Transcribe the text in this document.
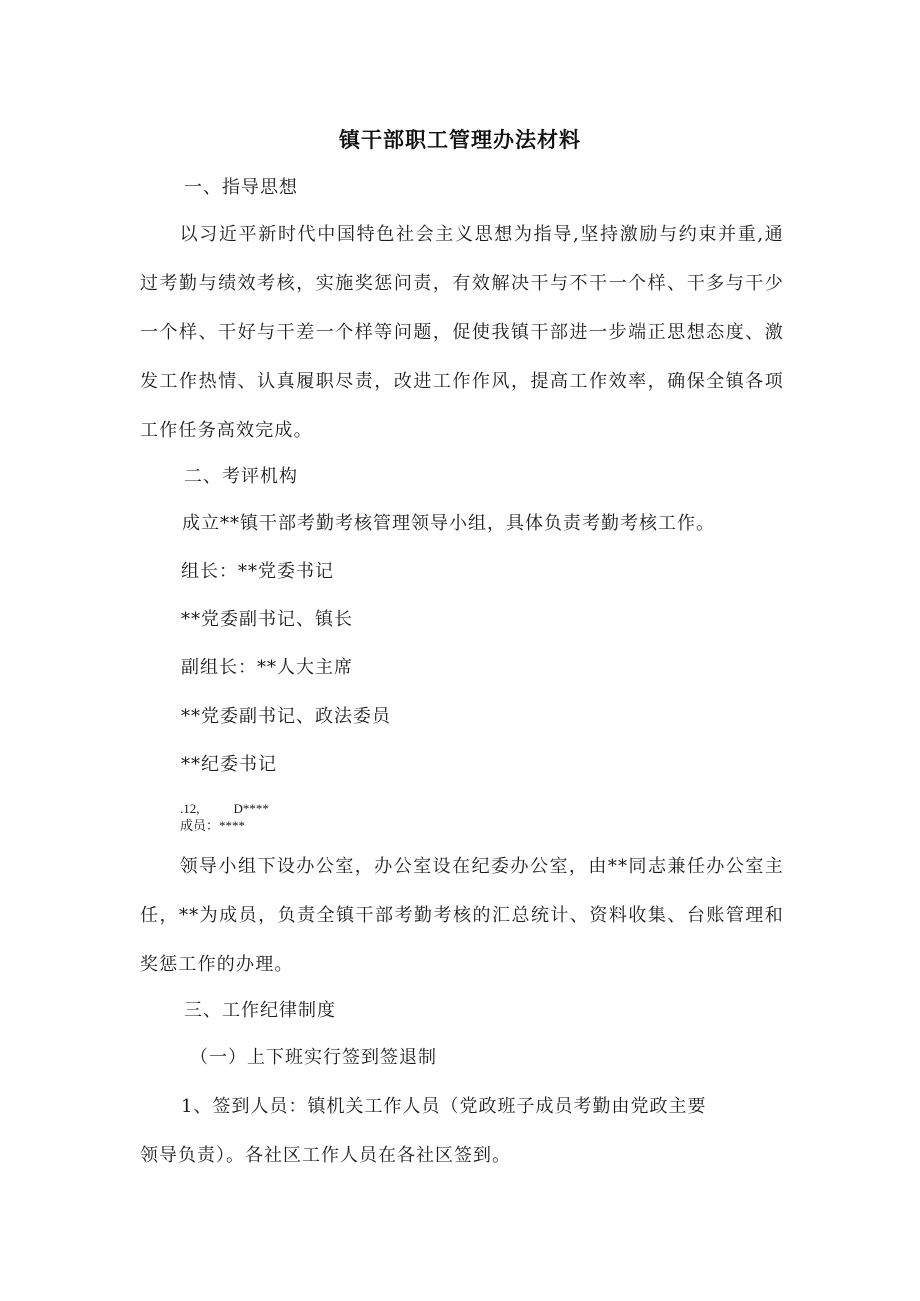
镇干部职工管理办法材料
一、指导思想
以习近平新时代中国特色社会主义思想为指导,坚持激励与约束并重,通过考勤与绩效考核，实施奖惩问责，有效解决干与不干一个样、干多与干少一个样、干好与干差一个样等问题，促使我镇干部进一步端正思想态度、激发工作热情、认真履职尽责，改进工作作风，提高工作效率，确保全镇各项工作任务高效完成。
二、考评机构
成立**镇干部考勤考核管理领导小组，具体负责考勤考核工作。
组长：**党委书记
**党委副书记、镇长
副组长：**人大主席
**党委副书记、政法委员
**纪委书记
.12,	D****
成员：****
领导小组下设办公室，办公室设在纪委办公室，由**同志兼任办公室主任，**为成员，负责全镇干部考勤考核的汇总统计、资料收集、台账管理和奖惩工作的办理。
三、工作纪律制度
（一）上下班实行签到签退制
1、签到人员：镇机关工作人员（党政班子成员考勤由党政主要
领导负责）。各社区工作人员在各社区签到。
